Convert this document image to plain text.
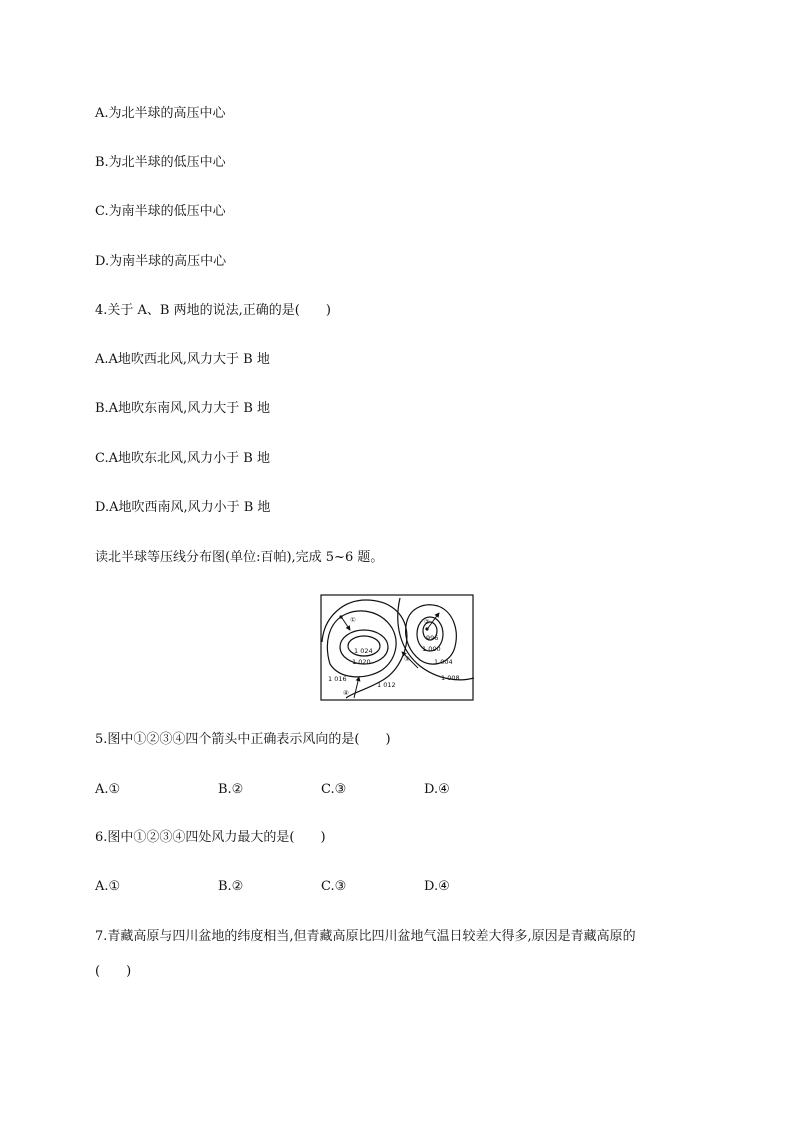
A.为北半球的高压中心
B.为北半球的低压中心
C.为南半球的低压中心
D.为南半球的高压中心
4.关于 A、B 两地的说法,正确的是(　　)
A.A地吹西北风,风力大于 B 地
B.A地吹东南风,风力大于 B 地
C.A地吹东北风,风力小于 B 地
D.A地吹西南风,风力小于 B 地
读北半球等压线分布图(单位:百帕),完成 5~6 题。
①	②
③
④
1 024
1 020
1 016
1 012
996
1 000
1 004
1 008
5.图中①②③④四个箭头中正确表示风向的是(　　)
A.①	B.②	C.③	D.④
6.图中①②③④四处风力最大的是(　　)
A.①	B.②	C.③	D.④
7.青藏高原与四川盆地的纬度相当,但青藏高原比四川盆地气温日较差大得多,原因是青藏高原的
(　　)
